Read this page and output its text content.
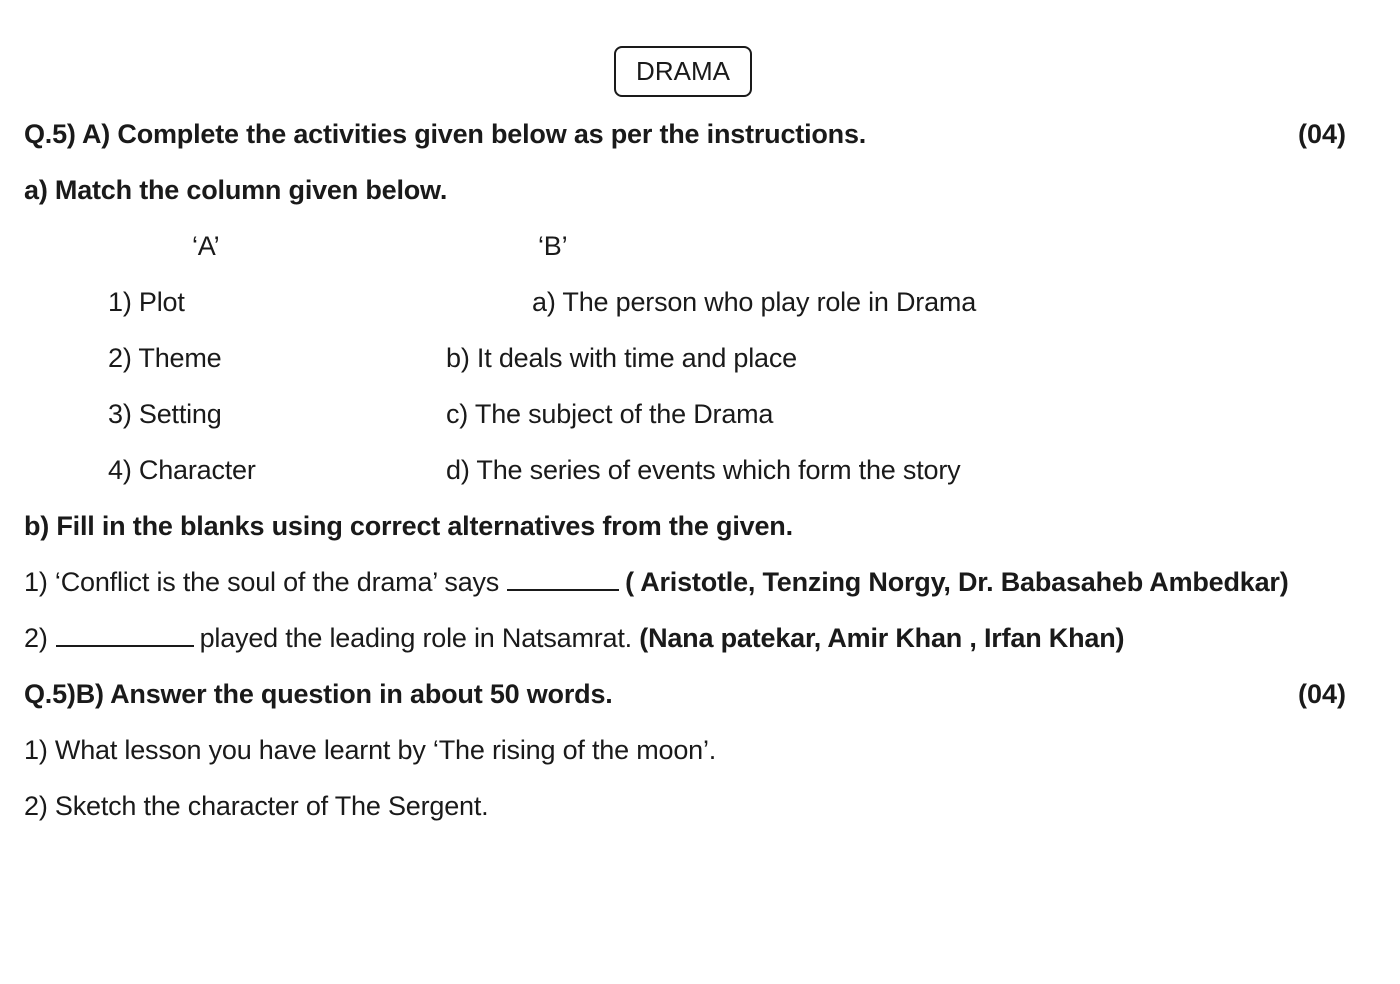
DRAMA
Q.5) A) Complete the activities given below as per the instructions.	(04)
a) Match the column given below.
‘A’	‘B’
1) Plot	a) The person who play role in Drama
2) Theme	b) It deals with time and place
3) Setting	c) The subject of the Drama
4) Character	d) The series of events which form the story
b) Fill in the blanks using correct alternatives from the given.
1) ‘Conflict is the soul of the drama’ says	( Aristotle, Tenzing Norgy, Dr. Babasaheb Ambedkar)
2)	played the leading role in Natsamrat. (Nana patekar, Amir Khan , Irfan Khan)
Q.5)B) Answer the question in about 50 words.	(04)
1) What lesson you have learnt by ‘The rising of the moon’.
2) Sketch the character of The Sergent.
